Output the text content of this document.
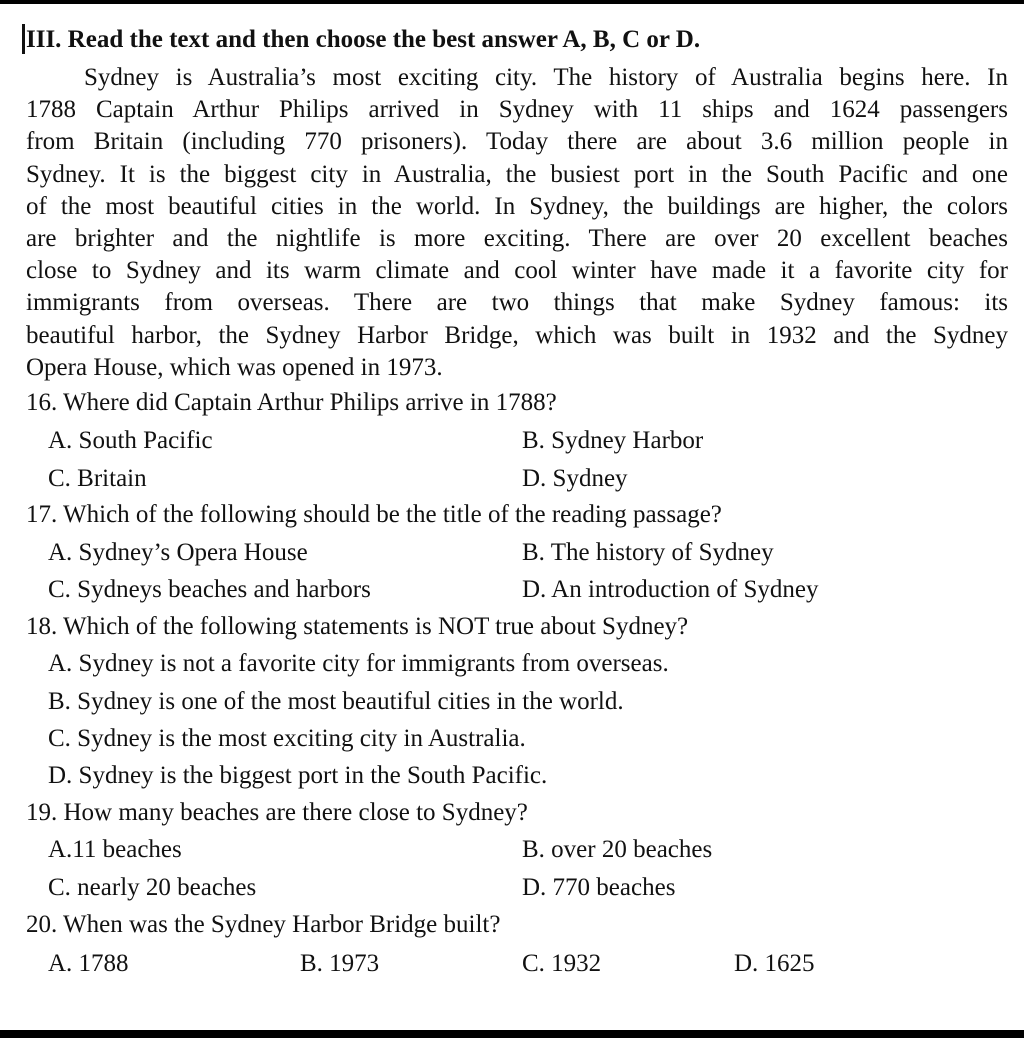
III. Read the text and then choose the best answer A, B, C or D.
Sydney is Australia’s most exciting city. The history of Australia begins here. In
1788 Captain Arthur Philips arrived in Sydney with 11 ships and 1624 passengers
from Britain (including 770 prisoners). Today there are about 3.6 million people in
Sydney. It is the biggest city in Australia, the busiest port in the South Pacific and one
of the most beautiful cities in the world. In Sydney, the buildings are higher, the colors
are brighter and the nightlife is more exciting. There are over 20 excellent beaches
close to Sydney and its warm climate and cool winter have made it a favorite city for
immigrants from overseas. There are two things that make Sydney famous: its
beautiful harbor, the Sydney Harbor Bridge, which was built in 1932 and the Sydney
Opera House, which was opened in 1973.
16. Where did Captain Arthur Philips arrive in 1788?
A. South Pacific	B. Sydney Harbor
C. Britain	D. Sydney
17. Which of the following should be the title of the reading passage?
A. Sydney’s Opera House	B. The history of Sydney
C. Sydneys beaches and harbors	D. An introduction of Sydney
18. Which of the following statements is NOT true about Sydney?
A. Sydney is not a favorite city for immigrants from overseas.
B. Sydney is one of the most beautiful cities in the world.
C. Sydney is the most exciting city in Australia.
D. Sydney is the biggest port in the South Pacific.
19. How many beaches are there close to Sydney?
A.11 beaches	B. over 20 beaches
C. nearly 20 beaches	D. 770 beaches
20. When was the Sydney Harbor Bridge built?
A. 1788	B. 1973	C. 1932	D. 1625
